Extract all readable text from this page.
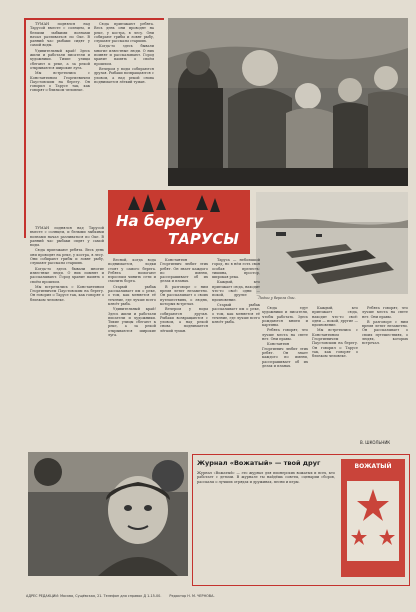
ТУМАН поднялся над Тарусой вместе с солнцем, и белыми зыбкими волнами начал разливаться по Оке. В ранний час рыбаки сидят у самой воды.

Удивительный край! Здесь жили и работали писатели и художники. Тихие улицы сбегают к реке, а за рекой открываются широкие луга.

Мы встретились с Константином Георгиевичем Паустовским на берегу. Он говорил о Тарусе так, как говорят о близком человеке.

Сюда приезжают ребята. Весь день они проводят на реке, у костра, в лесу. Они собирают грибы и ловят рыбу, слушают рассказы старших.

Когда-то здесь бывали многие известные люди. О них помнят и рассказывают. Город хранит память о своём прошлом.

Вечером у воды собираются друзья. Рыбаки возвращаются с уловом, а над рекой снова поднимается лёгкий туман.

ТУМАН поднялся над Тарусой вместе с солнцем, и белыми зыбкими волнами начал разливаться по Оке. В ранний час рыбаки сидят у самой воды.

Сюда приезжают ребята. Весь день они проводят на реке, у костра, в лесу. Они собирают грибы и ловят рыбу, слушают рассказы старших.

Когда-то здесь бывали многие известные люди. О них помнят и рассказывают. Город хранит память о своём прошлом.

Мы встретились с Константином Георгиевичем Паустовским на берегу. Он говорил о Тарусе так, как говорят о близком человеке.

На берегу
ТАРУСЫ
Лодки у берега Оки.

Весной, когда вода поднимается, лодки стоят у самого берега. Ребята помогают взрослым чинить сети и смолить борта.

Старый рыбак рассказывает им о реке, о том, как меняется её течение, где лучше всего клюёт рыба.

Удивительный край! Здесь жили и работали писатели и художники. Тихие улицы сбегают к реке, а за рекой открываются широкие луга.

Константин Георгиевич любит этих ребят. Он знает каждого по имени, расспрашивает об их делах и планах.

В разговоре с ним время летит незаметно. Он рассказывает о своих путешествиях, о людях, которых встречал.

Вечером у воды собираются друзья. Рыбаки возвращаются с уловом, а над рекой снова поднимается лёгкий туман.

Таруса — небольшой город, но в нём есть своя особая прелесть: тишина, простор, широкая река.

Каждый, кто приезжает сюда, находит что-то своё: одни — покой, другие — вдохновение.

Старый рыбак рассказывает им о реке, о том, как меняется её течение, где лучше всего клюёт рыба.

Сюда едут художники и писатели, чтобы работать. Здесь рождаются книги и картины.

Ребята говорят, что лучше места на свете нет. Они правы.

Константин Георгиевич любит этих ребят. Он знает каждого по имени, расспрашивает об их делах и планах.

Каждый, кто приезжает сюда, находит что-то своё: одни — покой, другие — вдохновение.

Мы встретились с Константином Георгиевичем Паустовским на берегу. Он говорил о Тарусе так, как говорят о близком человеке.

Ребята говорят, что лучше места на свете нет. Они правы.

В разговоре с ним время летит незаметно. Он рассказывает о своих путешествиях, о людях, которых встречал.

В. ШКОЛЬНИК
Журнал «Вожатый» — твой друг
Журнал «Вожатый» — это журнал для пионерских вожатых и всех, кто работает с детьми. В журнале ты найдёшь советы, сценарии сборов, рассказы о лучших отрядах и дружинах, песни и игры.
ВОЖАТЫЙ
АДРЕС РЕДАКЦИИ: Москва, Сущёвская, 21. Телефон для справок Д 1-15-00. Редактор Н. М. ЧЕРНОВА.
